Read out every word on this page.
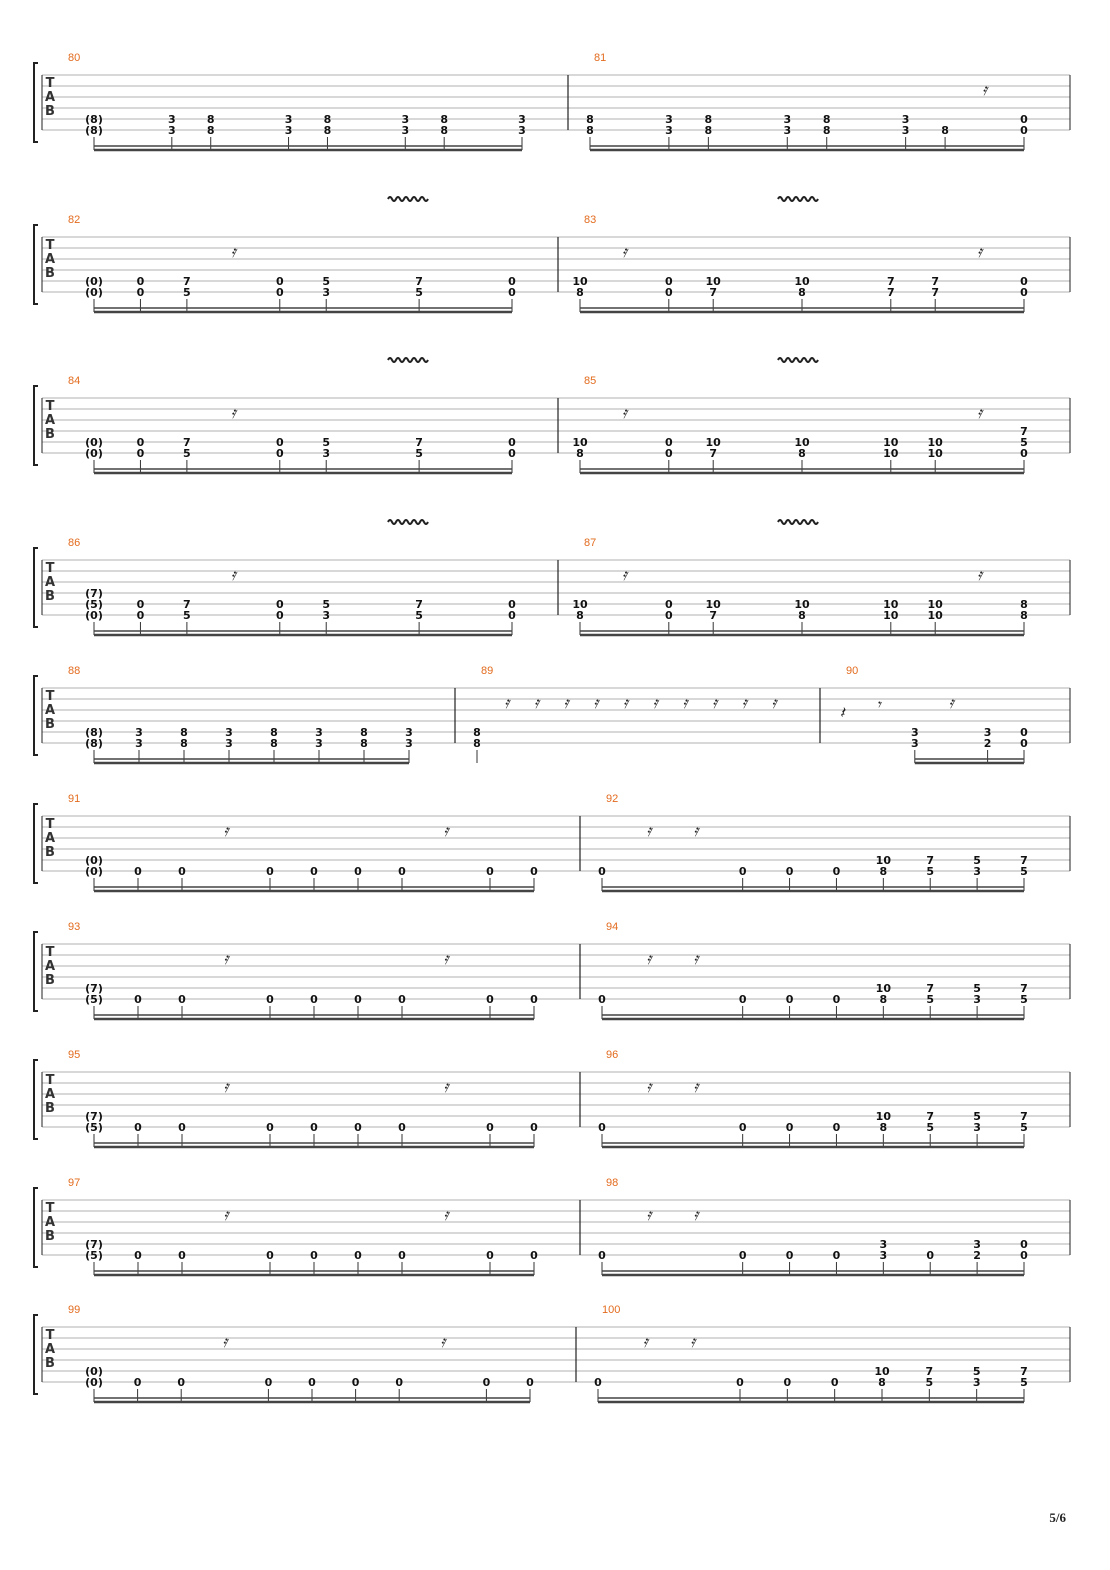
T
A
B
80
(8)
(8)
3
3
8
8
3
3
8
8
3
3
8
8
3
3
81
8
8
3
3
8
8
3
3
8
8
3
3	8
𝄿
0
0
T
A
B
82
(0)
(0)
0
0
7
5
𝄿
0
0
5
3
7
5
0
0
83
10
8
𝄿
0
0
10
7
10
8
7
7
7
7
𝄿
0
0
T
A
B
84
(0)
(0)
0
0
7
5
𝄿
0
0
5
3
7
5
0
0
85
10
8
𝄿
0
0
10
7
10
8
10
10
10
10
𝄿
7
5
0
T
A
B
86
(7)
(5)
(0)
0
0
7
5
𝄿
0
0
5
3
7
5
0
0
87
10
8
𝄿
0
0
10
7
10
8
10
10
10
10
𝄿
8
8
T
A
B
88
(8)
(8)
3
3
8
8
3
3
8
8
3
3
8
8
3
3
89
8
8
𝄿 𝄿 𝄿 𝄿 𝄿 𝄿 𝄿 𝄿 𝄿 𝄿
90
𝄽 𝄾
3
3
𝄿
3
2
0
0
T
A
B
91
(0)
(0)	0	0
𝄿
0	0	0	0
𝄿
0	0
92
0
𝄿	𝄿
0	0	0
10
8
7
5
5
3
7
5
T
A
B
93
(7)
(5)	0	0
𝄿
0	0	0	0
𝄿
0	0
94
0
𝄿	𝄿
0	0	0
10
8
7
5
5
3
7
5
T
A
B
95
(7)
(5)	0	0
𝄿
0	0	0	0
𝄿
0	0
96
0
𝄿	𝄿
0	0	0
10
8
7
5
5
3
7
5
T
A
B
97
(7)
(5)	0	0
𝄿
0	0	0	0
𝄿
0	0
98
0
𝄿	𝄿
0	0	0
3
3	0
3
2
0
0
T
A
B
99
(0)
(0)	0	0
𝄿
0	0	0	0
𝄿
0	0
100
0
𝄿	𝄿
0	0	0
10
8
7
5
5
3
7
5
5/6
